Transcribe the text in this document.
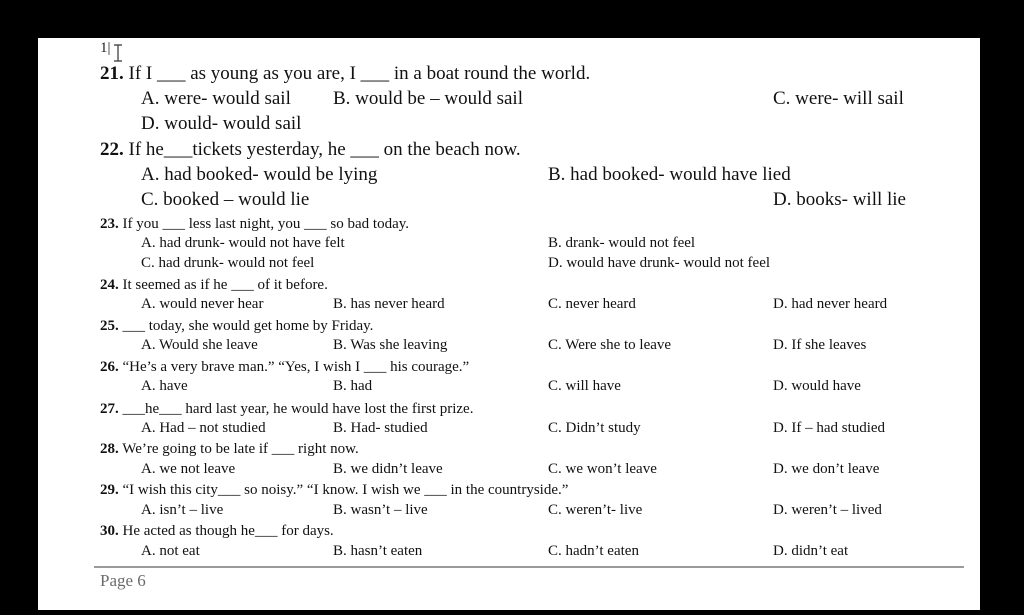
1|
21. If I ___ as young as you are, I ___ in a boat round the world.
A. were- would sail B. would be – would sail	C. were- will sail
D. would- would sail
22. If he___tickets yesterday, he ___ on the beach now.
A. had booked- would be lying	B. had booked- would have lied
C. booked – would lie	D. books- will lie
23. If you ___ less last night, you ___ so bad today.
A. had drunk- would not have felt	B. drank- would not feel
C. had drunk- would not feel	D. would have drunk- would not feel
24. It seemed as if he ___ of it before.
A. would never hear	B. has never heard	C. never heard	D. had never heard
25. ___ today, she would get home by Friday.
A. Would she leave	B. Was she leaving	C. Were she to leave	D. If she leaves
26. “He’s a very brave man.” “Yes, I wish I ___ his courage.”
A. have	B. had	C. will have	D. would have
27. ___he___ hard last year, he would have lost the first prize.
A. Had – not studied	B. Had- studied	C. Didn’t study	D. If – had studied
28. We’re going to be late if ___ right now.
A. we not leave	B. we didn’t leave	C. we won’t leave	D. we don’t leave
29. “I wish this city___ so noisy.” “I know. I wish we ___ in the countryside.”
A. isn’t – live	B. wasn’t – live	C. weren’t- live	D. weren’t – lived
30. He acted as though he___ for days.
A. not eat	B. hasn’t eaten	C. hadn’t eaten	D. didn’t eat
Page 6
